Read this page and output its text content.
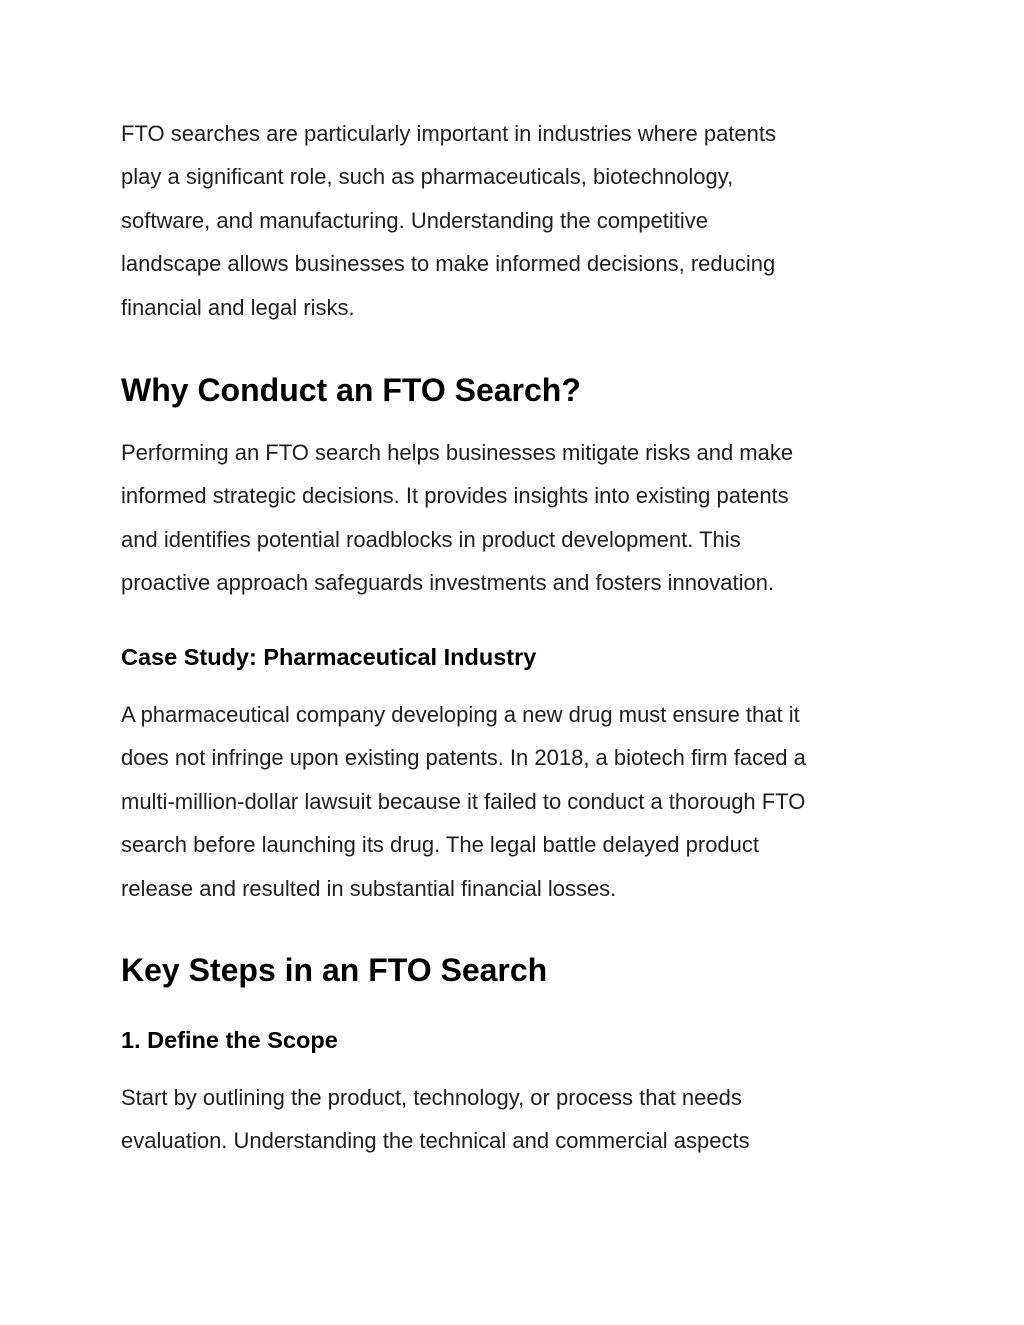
FTO searches are particularly important in industries where patents
play a significant role, such as pharmaceuticals, biotechnology,
software, and manufacturing. Understanding the competitive
landscape allows businesses to make informed decisions, reducing
financial and legal risks.

Why Conduct an FTO Search?

Performing an FTO search helps businesses mitigate risks and make
informed strategic decisions. It provides insights into existing patents
and identifies potential roadblocks in product development. This
proactive approach safeguards investments and fosters innovation.

Case Study: Pharmaceutical Industry

A pharmaceutical company developing a new drug must ensure that it
does not infringe upon existing patents. In 2018, a biotech firm faced a
multi-million-dollar lawsuit because it failed to conduct a thorough FTO
search before launching its drug. The legal battle delayed product
release and resulted in substantial financial losses.

Key Steps in an FTO Search
1. Define the Scope

Start by outlining the product, technology, or process that needs
evaluation. Understanding the technical and commercial aspects
